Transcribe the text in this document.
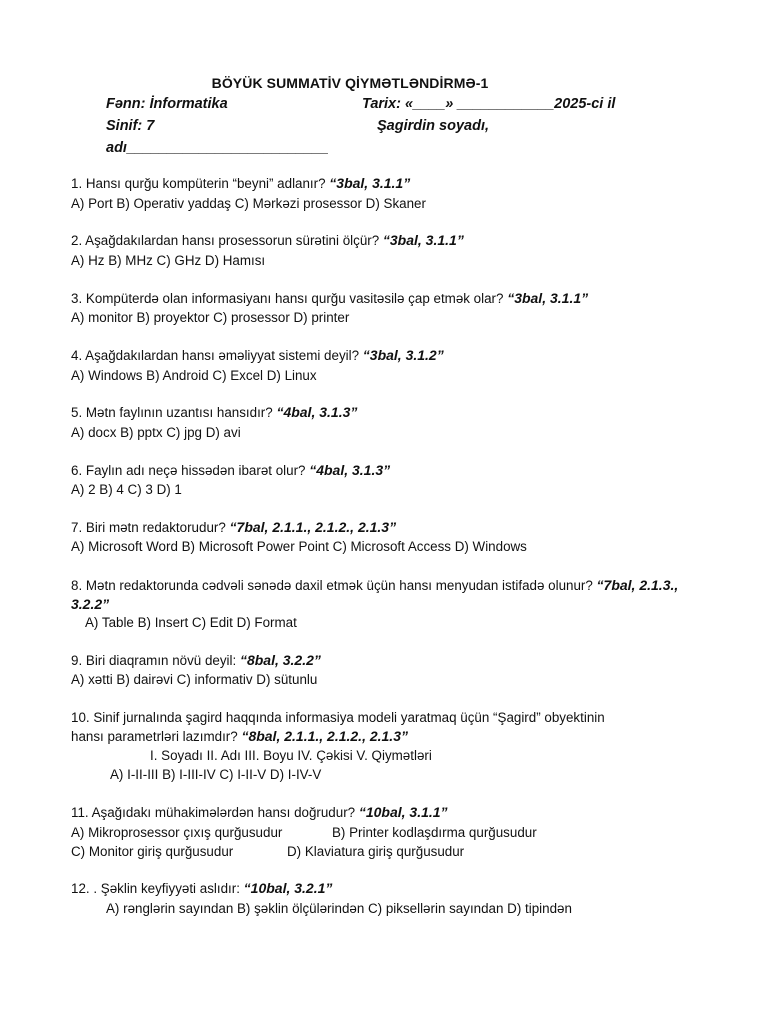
BÖYÜK SUMMATİV QİYMƏTLƏNDİRMƏ-1
Fənn: İnformatika	Tarix: «____» ____________2025-ci il
Sinif: 7	Şagirdin soyadı,
adı_________________________
1. Hansı qurğu kompüterin “beyni” adlanır? “3bal, 3.1.1”
A) Port B) Operativ yaddaş C) Mərkəzi prosessor D) Skaner
2. Aşağdakılardan hansı prosessorun sürətini ölçür? “3bal, 3.1.1”
A) Hz B) MHz C) GHz D) Hamısı
3. Kompüterdə olan informasiyanı hansı qurğu vasitəsilə çap etmək olar? “3bal, 3.1.1”
A) monitor B) proyektor C) prosessor D) printer
4. Aşağdakılardan hansı əməliyyat sistemi deyil? “3bal, 3.1.2”
A) Windows B) Android C) Excel D) Linux
5. Mətn faylının uzantısı hansıdır? “4bal, 3.1.3”
A) docx B) pptx C) jpg D) avi
6. Faylın adı neçə hissədən ibarət olur? “4bal, 3.1.3”
A) 2 B) 4 C) 3 D) 1
7. Biri mətn redaktorudur? “7bal, 2.1.1., 2.1.2., 2.1.3”
A) Microsoft Word B) Microsoft Power Point C) Microsoft Access D) Windows
8. Mətn redaktorunda cədvəli sənədə daxil etmək üçün hansı menyudan istifadə olunur? “7bal, 2.1.3.,
3.2.2”
A) Table B) Insert C) Edit D) Format
9. Biri diaqramın növü deyil: “8bal, 3.2.2”
A) xətti B) dairəvi C) informativ D) sütunlu
10. Sinif jurnalında şagird haqqında informasiya modeli yaratmaq üçün “Şagird” obyektinin
hansı parametrləri lazımdır? “8bal, 2.1.1., 2.1.2., 2.1.3”
I. Soyadı II. Adı III. Boyu IV. Çəkisi V. Qiymətləri
A) I-II-III B) I-III-IV C) I-II-V D) I-IV-V
11. Aşağıdakı mühakimələrdən hansı doğrudur? “10bal, 3.1.1”
A) Mikroprosessor çıxış qurğusudur	B) Printer kodlaşdırma qurğusudur
C) Monitor giriş qurğusudur	D) Klaviatura giriş qurğusudur
12. . Şəklin keyfiyyəti aslıdır: “10bal, 3.2.1”
A) rənglərin sayından B) şəklin ölçülərindən C) piksellərin sayından D) tipindən
